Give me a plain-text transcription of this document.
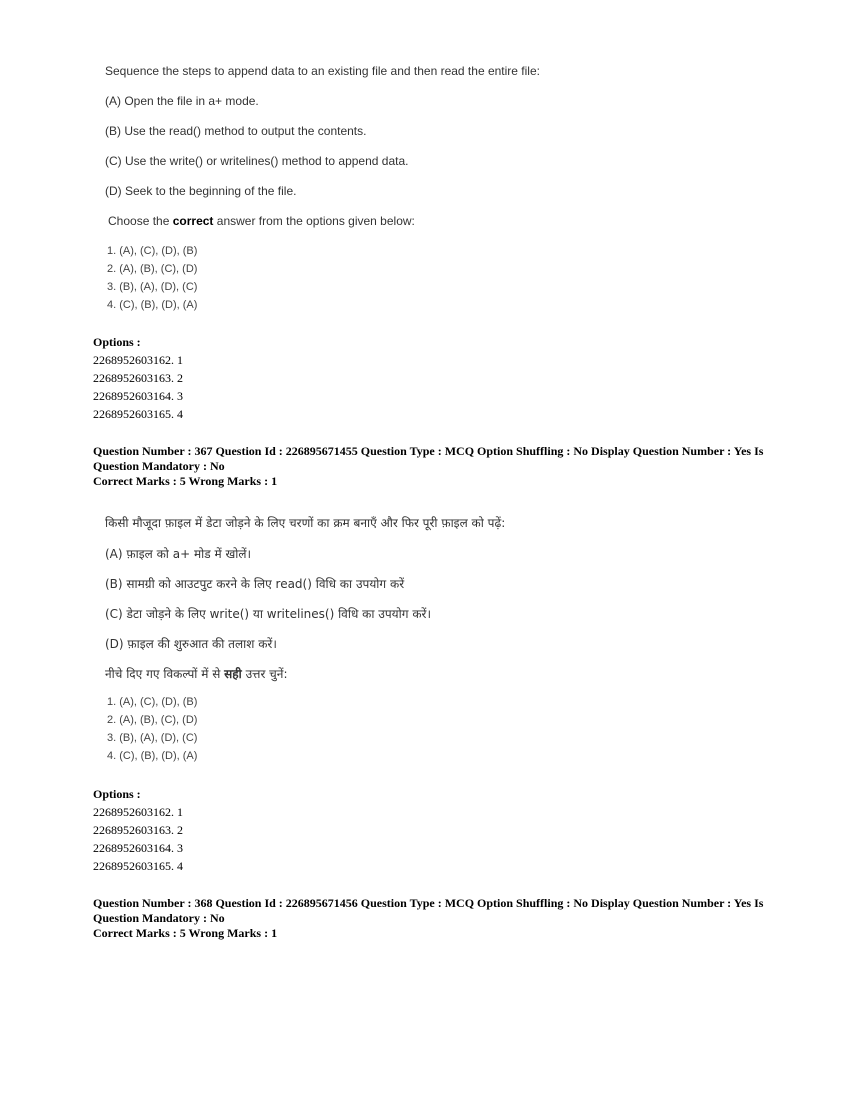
Sequence the steps to append data to an existing file and then read the entire file:
(A) Open the file in a+ mode.
(B) Use the read() method to output the contents.
(C) Use the write() or writelines() method to append data.
(D) Seek to the beginning of the file.
Choose the correct answer from the options given below:
1. (A), (C), (D), (B)
2. (A), (B), (C), (D)
3. (B), (A), (D), (C)
4. (C), (B), (D), (A)
Options :
2268952603162. 1
2268952603163. 2
2268952603164. 3
2268952603165. 4
Question Number : 367 Question Id : 226895671455 Question Type : MCQ Option Shuffling : No Display Question Number : Yes Is
Question Mandatory : No
Correct Marks : 5 Wrong Marks : 1
किसी मौजूदा फ़ाइल में डेटा जोड़ने के लिए चरणों का क्रम बनाएँ और फिर पूरी फ़ाइल को पढ़ें:
(A) फ़ाइल को a+ मोड में खोलें।
(B) सामग्री को आउटपुट करने के लिए read() विधि का उपयोग करें
(C) डेटा जोड़ने के लिए write() या writelines() विधि का उपयोग करें।
(D) फ़ाइल की शुरुआत की तलाश करें।
नीचे दिए गए विकल्पों में से सही उत्तर चुनें:
1. (A), (C), (D), (B)
2. (A), (B), (C), (D)
3. (B), (A), (D), (C)
4. (C), (B), (D), (A)
Options :
2268952603162. 1
2268952603163. 2
2268952603164. 3
2268952603165. 4
Question Number : 368 Question Id : 226895671456 Question Type : MCQ Option Shuffling : No Display Question Number : Yes Is
Question Mandatory : No
Correct Marks : 5 Wrong Marks : 1
